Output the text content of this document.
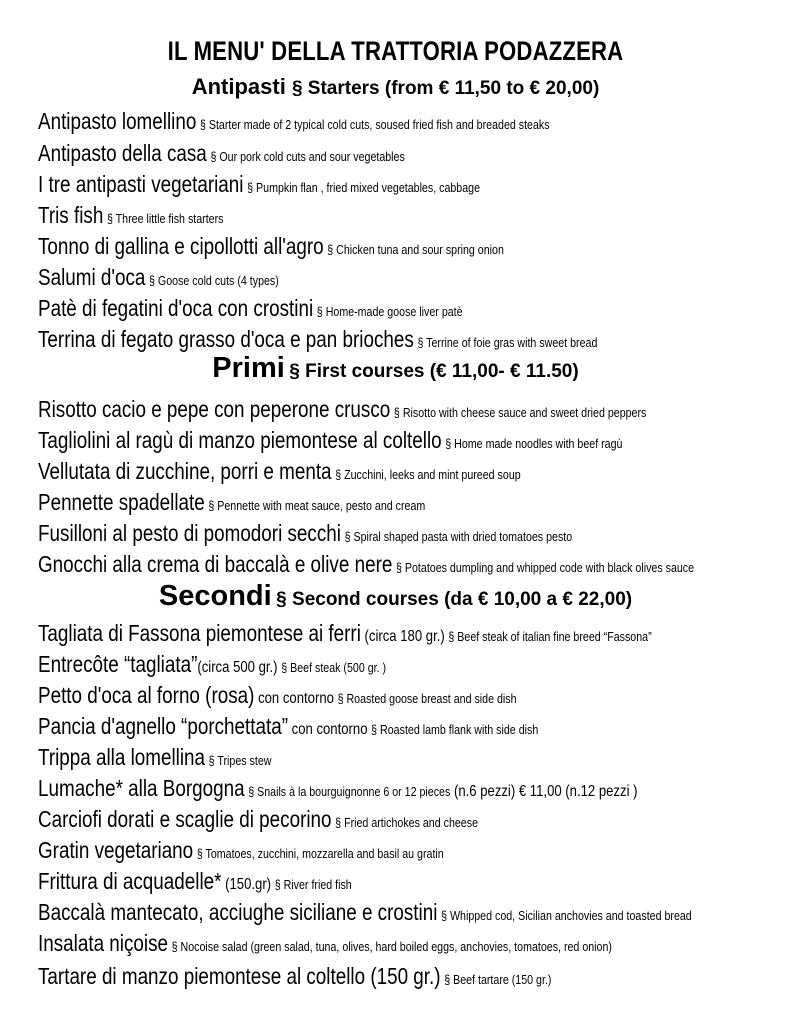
IL MENU' DELLA TRATTORIA PODAZZERA
Antipasti § Starters (from € 11,50 to € 20,00)
Antipasto lomellino § Starter made of 2 typical cold cuts, soused fried fish and breaded steaks
Antipasto della casa § Our pork cold cuts and sour vegetables
I tre antipasti vegetariani § Pumpkin flan , fried mixed vegetables, cabbage
Tris fish § Three little fish starters
Tonno di gallina e cipollotti all'agro § Chicken tuna and sour spring onion
Salumi d'oca § Goose cold cuts (4 types)
Patè di fegatini d'oca con crostini § Home-made goose liver patè
Terrina di fegato grasso d'oca e pan brioches § Terrine of foie gras with sweet bread
Primi § First courses (€ 11,00- € 11.50)
Risotto cacio e pepe con peperone crusco § Risotto with cheese sauce and sweet dried peppers
Tagliolini al ragù di manzo piemontese al coltello § Home made noodles with beef ragù
Vellutata di zucchine, porri e menta § Zucchini, leeks and mint pureed soup
Pennette spadellate § Pennette with meat sauce, pesto and cream
Fusilloni al pesto di pomodori secchi § Spiral shaped pasta with dried tomatoes pesto
Gnocchi alla crema di baccalà e olive nere § Potatoes dumpling and whipped code with black olives sauce
Secondi § Second courses (da € 10,00 a € 22,00)
Tagliata di Fassona piemontese ai ferri (circa 180 gr.) § Beef steak of italian fine breed “Fassona”
Entrecôte “tagliata”(circa 500 gr.) § Beef steak (500 gr. )
Petto d'oca al forno (rosa) con contorno § Roasted goose breast and side dish
Pancia d'agnello “porchettata” con contorno § Roasted lamb flank with side dish
Trippa alla lomellina § Tripes stew
Lumache* alla Borgogna § Snails à la bourguignonne 6 or 12 pieces (n.6 pezzi) € 11,00 (n.12 pezzi )
Carciofi dorati e scaglie di pecorino § Fried artichokes and cheese
Gratin vegetariano § Tomatoes, zucchini, mozzarella and basil au gratin
Frittura di acquadelle* (150.gr) § River fried fish
Baccalà mantecato, acciughe siciliane e crostini § Whipped cod, Sicilian anchovies and toasted bread
Insalata niçoise § Nocoise salad (green salad, tuna, olives, hard boiled eggs, anchovies, tomatoes, red onion)
Tartare di manzo piemontese al coltello (150 gr.) § Beef tartare (150 gr.)
